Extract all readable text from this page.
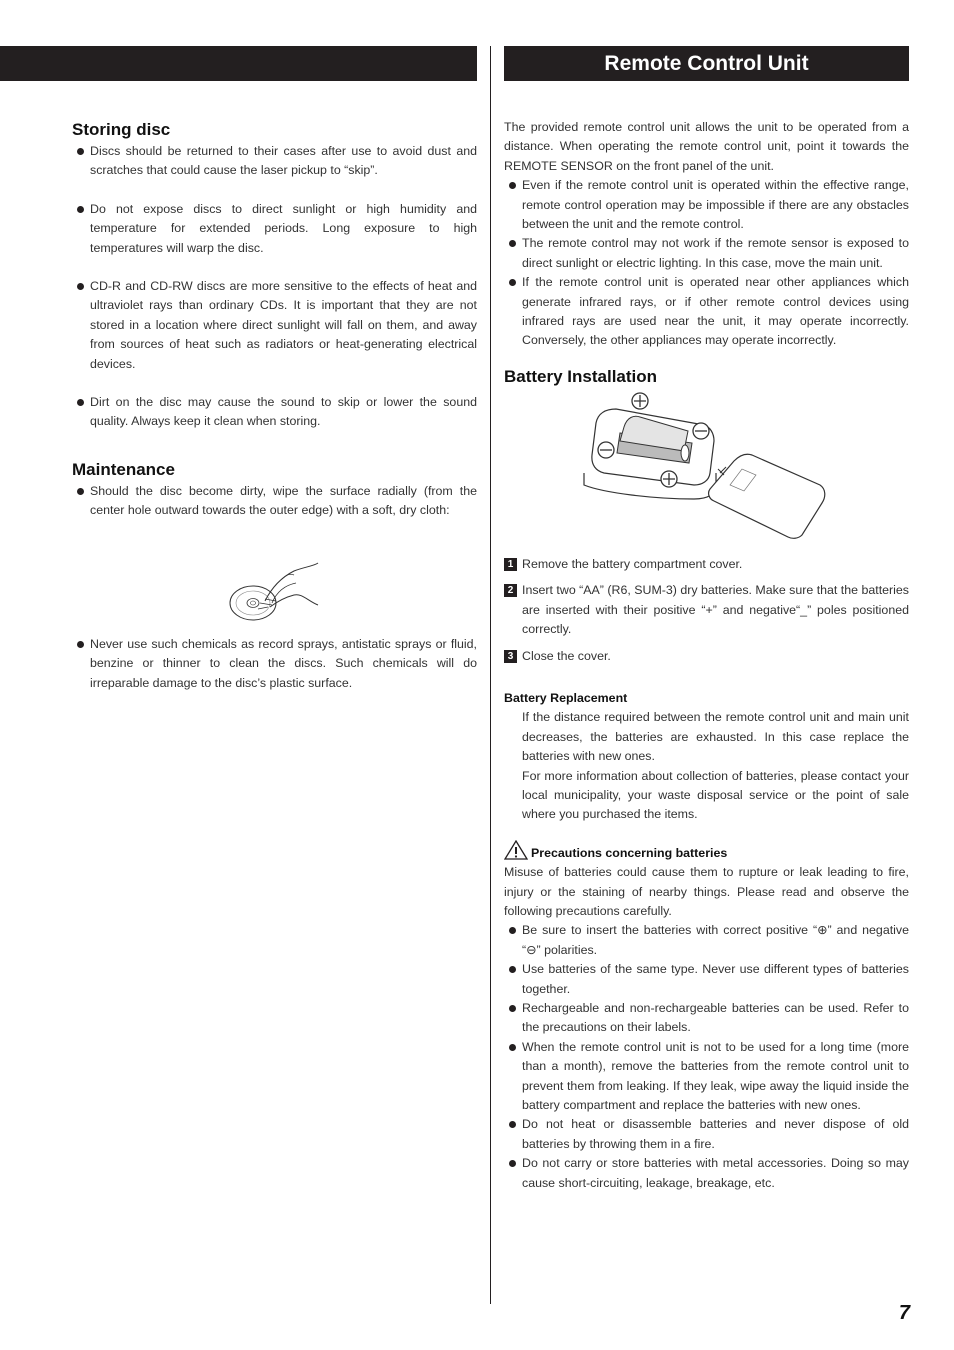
Remote Control Unit
Storing disc
Discs should be returned to their cases after use to avoid dust and scratches that could cause the laser pickup to “skip”.
Do not expose discs to direct sunlight or high humidity and temperature for extended periods. Long exposure to high temperatures will warp the disc.
CD-R and CD-RW discs are more sensitive to the effects of heat and ultraviolet rays than ordinary CDs. It is important that they are not stored in a location where direct sunlight will fall on them, and away from sources of heat such as radiators or heat-generating electrical devices.
Dirt on the disc may cause the sound to skip or lower the sound quality. Always keep it clean when storing.
Maintenance
Should the disc become dirty, wipe the surface radially (from the center hole outward towards the outer edge) with a soft, dry cloth:
Never use such chemicals as record sprays, antistatic sprays or fluid, benzine or thinner to clean the discs. Such chemicals will do irreparable damage to the disc’s plastic surface.

The provided remote control unit allows the unit to be operated from a distance. When operating the remote control unit, point it towards the REMOTE SENSOR on the front panel of the unit.

Even if the remote control unit is operated within the effective range, remote control operation may be impossible if there are any obstacles between the unit and the remote control.
The remote control may not work if the remote sensor is exposed to direct sunlight or electric lighting. In this case, move the main unit.
If the remote control unit is operated near other appliances which generate infrared rays, or if other remote control devices using infrared rays are used near the unit, it may operate incorrectly. Conversely, the other appliances may operate incorrectly.
Battery Installation
1 Remove the battery compartment cover.
2 Insert two “AA” (R6, SUM-3) dry batteries. Make sure that the batteries are inserted with their positive “+” and negative“_” poles positioned correctly.
3 Close the cover.
Battery Replacement

If the distance required between the remote control unit and main unit decreases, the batteries are exhausted. In this case replace the batteries with new ones.

For more information about collection of batteries, please contact your local municipality, your waste disposal service or the point of sale where you purchased the items.

Precautions concerning batteries

Misuse of batteries could cause them to rupture or leak leading to fire, injury or the staining of nearby things. Please read and observe the following precautions carefully.

Be sure to insert the batteries with correct positive “⊕” and negative “⊖” polarities.
Use batteries of the same type. Never use different types of batteries together.
Rechargeable and non-rechargeable batteries can be used. Refer to the precautions on their labels.
When the remote control unit is not to be used for a long time (more than a month), remove the batteries from the remote control unit to prevent them from leaking. If they leak, wipe away the liquid inside the battery compartment and replace the batteries with new ones.
Do not heat or disassemble batteries and never dispose of old batteries by throwing them in a fire.
Do not carry or store batteries with metal accessories. Doing so may cause short-circuiting, leakage, breakage, etc.
7
